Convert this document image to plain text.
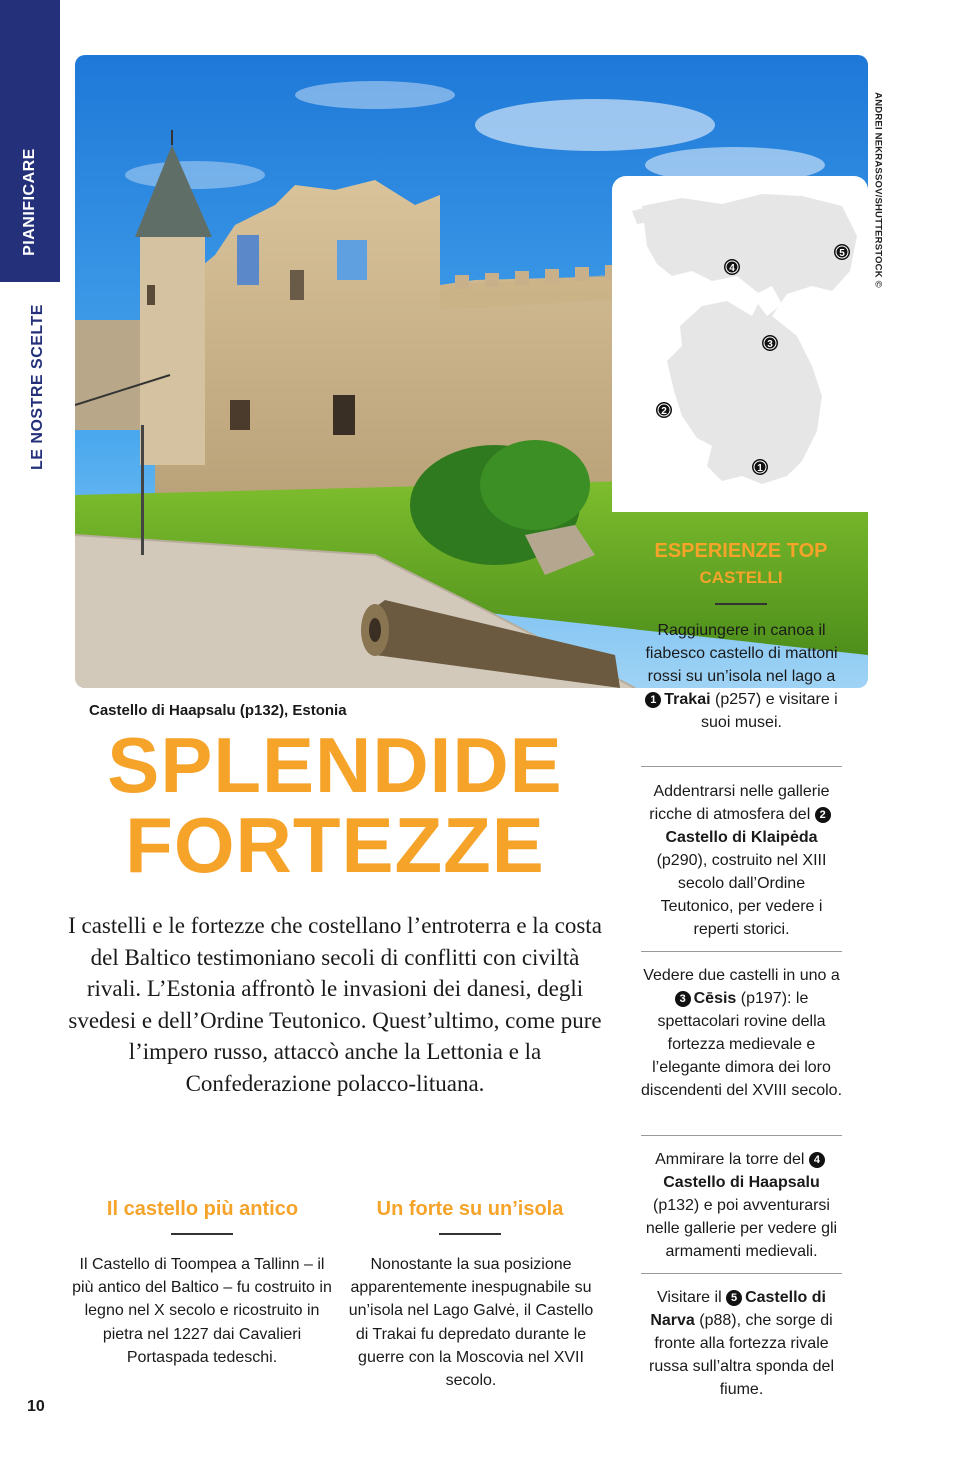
PIANIFICARE
LE NOSTRE SCELTE
ANDREI NEKRASSOV/SHUTTERSTOCK ©
4
5
3
2
1
Castello di Haapsalu (p132), Estonia
SPLENDIDE
FORTEZZE
I castelli e le fortezze che costellano l’entroterra e la costa del Baltico testimoniano secoli di conflitti con civiltà rivali. L’Estonia affrontò le invasioni dei danesi, degli svedesi e dell’Ordine Teutonico. Quest’ultimo, come pure l’impero russo, attaccò anche la Lettonia e la Confederazione polacco-lituana.
Il castello più antico
Il Castello di Toompea a Tallinn – il più antico del Baltico – fu costruito in legno nel X secolo e ricostruito in pietra nel 1227 dai Cavalieri Portaspada tedeschi.
Un forte su un’isola
Nonostante la sua posizione apparentemente inespugnabile su un’isola nel Lago Galvė, il Castello di Trakai fu depredato durante le guerre con la Moscovia nel XVII secolo.
10
ESPERIENZE TOP
CASTELLI
Raggiungere in canoa il fiabesco castello di mattoni rossi su un’isola nel lago a 1 Trakai (p257) e visitare i suoi musei.
Addentrarsi nelle gallerie ricche di atmosfera del 2Castello di Klaipėda (p290), costruito nel XIII secolo dall’Ordine Teutonico, per vedere i reperti storici.
Vedere due castelli in uno a 3 Cēsis (p197): le spettacolari rovine della fortezza medievale e l’elegante dimora dei loro discendenti del XVIII secolo.
Ammirare la torre del 4Castello di Haapsalu (p132) e poi avventurarsi nelle gallerie per vedere gli armamenti medievali.
Visitare il 5 Castello di Narva (p88), che sorge di fronte alla fortezza rivale russa sull’altra sponda del fiume.
